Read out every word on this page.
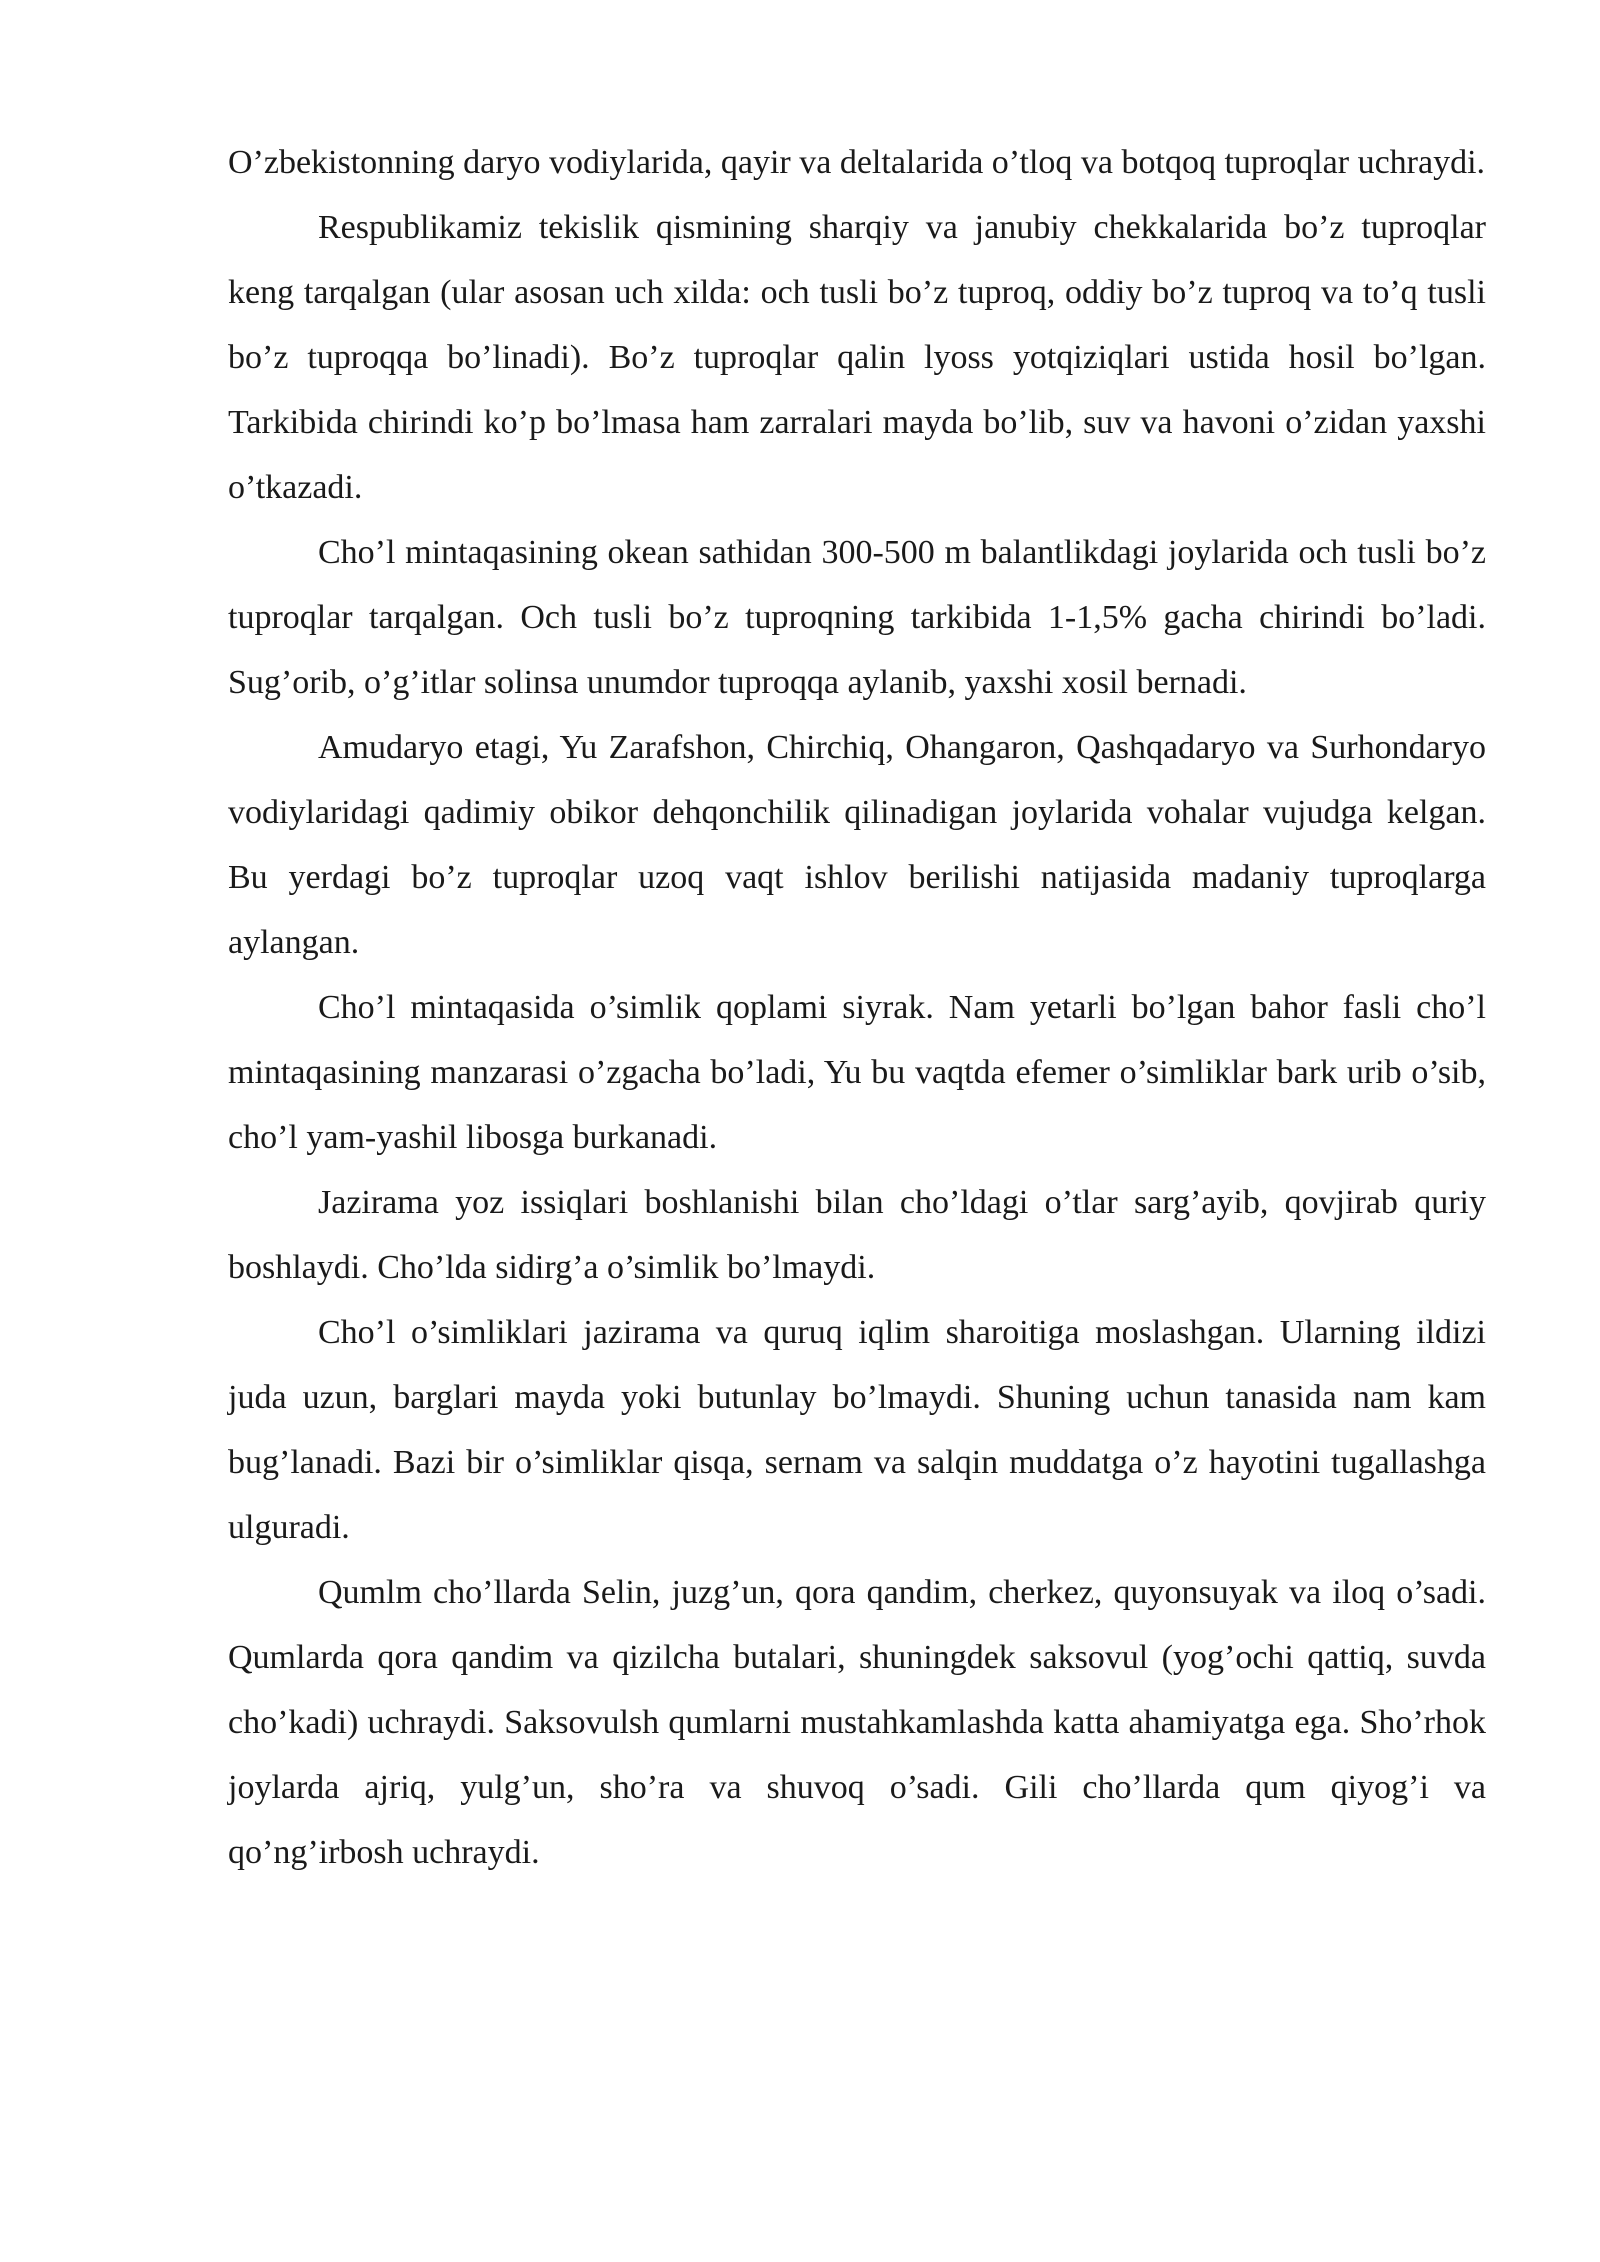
O’zbekistonning daryo vodiylarida, qayir va deltalarida o’tloq va botqoq tuproqlar uchraydi.

Respublikamiz tekislik qismining sharqiy va janubiy chekkalarida bo’z tuproqlar keng tarqalgan (ular asosan uch xilda: och tusli bo’z tuproq, oddiy bo’z tuproq va to’q tusli bo’z tuproqqa bo’linadi). Bo’z tuproqlar qalin lyoss yotqiziqlari ustida hosil bo’lgan. Tarkibida chirindi ko’p bo’lmasa ham zarralari mayda bo’lib, suv va havoni o’zidan yaxshi o’tkazadi.

Cho’l mintaqasining okean sathidan 300-500 m balantlikdagi joylarida och tusli bo’z tuproqlar tarqalgan. Och tusli bo’z tuproqning tarkibida 1-1,5% gacha chirindi bo’ladi. Sug’orib, o’g’itlar solinsa unumdor tuproqqa aylanib, yaxshi xosil bernadi.

Amudaryo etagi, Yu Zarafshon, Chirchiq, Ohangaron, Qashqadaryo va Surhondaryo vodiylaridagi qadimiy obikor dehqonchilik qilinadigan joylarida vohalar vujudga kelgan. Bu yerdagi bo’z tuproqlar uzoq vaqt ishlov berilishi natijasida madaniy tuproqlarga aylangan.

Cho’l mintaqasida o’simlik qoplami siyrak. Nam yetarli bo’lgan bahor fasli cho’l mintaqasining manzarasi o’zgacha bo’ladi, Yu bu vaqtda efemer o’simliklar bark urib o’sib, cho’l yam-yashil libosga burkanadi.

Jazirama yoz issiqlari boshlanishi bilan cho’ldagi o’tlar sarg’ayib, qovjirab quriy boshlaydi. Cho’lda sidirg’a o’simlik bo’lmaydi.

Cho’l o’simliklari jazirama va quruq iqlim sharoitiga moslashgan. Ularning ildizi juda uzun, barglari mayda yoki butunlay bo’lmaydi. Shuning uchun tanasida nam kam bug’lanadi. Bazi bir o’simliklar qisqa, sernam va salqin muddatga o’z hayotini tugallashga ulguradi.

Qumlm cho’llarda Selin, juzg’un, qora qandim, cherkez, quyonsuyak va iloq o’sadi. Qumlarda qora qandim va qizilcha butalari, shuningdek saksovul (yog’ochi qattiq, suvda cho’kadi) uchraydi. Saksovulsh qumlarni mustahkamlashda katta ahamiyatga ega. Sho’rhok joylarda ajriq, yulg’un, sho’ra va shuvoq o’sadi. Gili cho’llarda qum qiyog’i va qo’ng’irbosh uchraydi.
